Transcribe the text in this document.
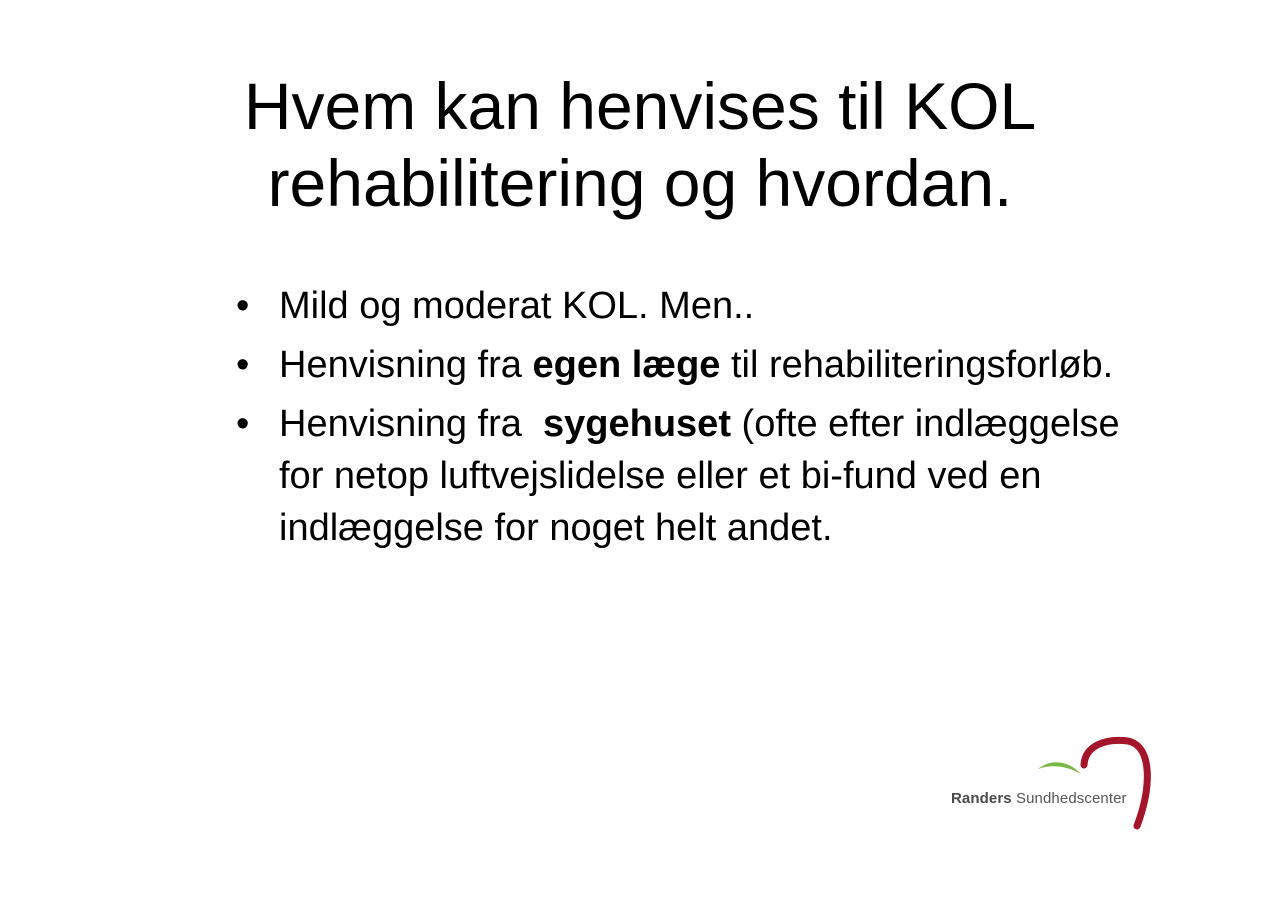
Hvem kan henvises til KOL
rehabilitering og hvordan.
• Mild og moderat KOL. Men..
• Henvisning fra egen læge til rehabiliteringsforløb.
• Henvisning fra  sygehuset (ofte efter indlæggelse for netop luftvejslidelse eller et bi-fund ved en indlæggelse for noget helt andet.
Randers Sundhedscenter
